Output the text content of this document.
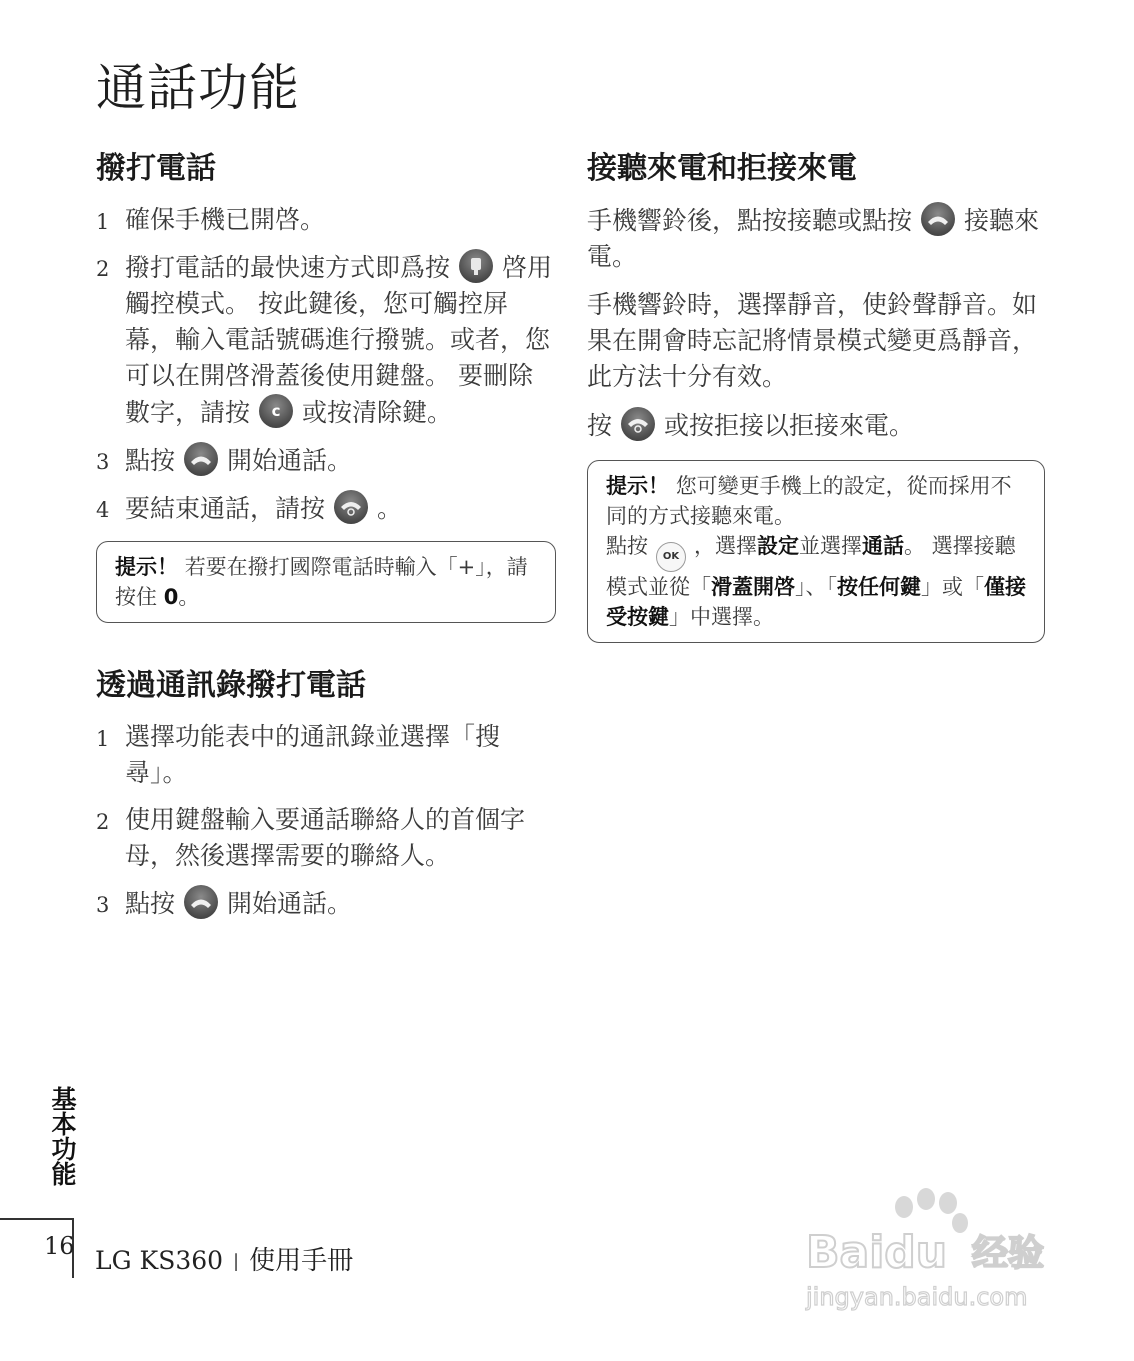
通話功能
撥打電話
1 確保手機已開啓。
2 撥打電話的最快速方式即爲按 啓用觸控模式。 按此鍵後，您可觸控屏幕，輸入電話號碼進行撥號。或者，您可以在開啓滑蓋後使用鍵盤。 要刪除數字，請按	c 或按清除鍵。
3 點按 開始通話。
4 要結束通話，請按 。
提示！ 若要在撥打國際電話時輸入「+」，請按住 0。
透過通訊錄撥打電話
1 選擇功能表中的通訊錄並選擇「搜尋」。
2 使用鍵盤輸入要通話聯絡人的首個字母，然後選擇需要的聯絡人。
3 點按 開始通話。
接聽來電和拒接來電

手機響鈴後，點按接聽或點按 接聽來電。

手機響鈴時，選擇靜音，使鈴聲靜音。如果在開會時忘記將情景模式變更爲靜音，此方法十分有效。

按 或按拒接以拒接來電。

提示！ 您可變更手機上的設定，從而採用不同的方式接聽來電。
點按 OK ，選擇設定並選擇通話。 選擇接聽模式並從「滑蓋開啓」、「按任何鍵」或「僅接受按鍵」中選擇。
基本功能
16 LG KS360 | 使用手冊	Baidu 经验
jingyan.baidu.com
